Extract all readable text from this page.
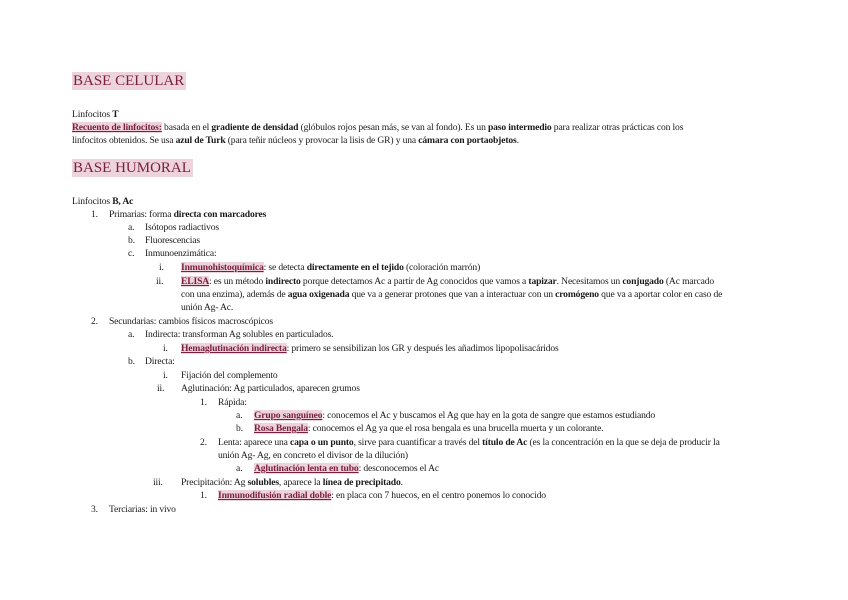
BASE CELULAR
Linfocitos T
Recuento de linfocitos: basada en el gradiente de densidad (glóbulos rojos pesan más, se van al fondo). Es un paso intermedio para realizar otras prácticas con los
linfocitos obtenidos. Se usa azul de Turk (para teñir núcleos y provocar la lisis de GR) y una cámara con portaobjetos.
BASE HUMORAL
Linfocitos B, Ac
1. Primarias: forma directa con marcadores
a. Isótopos radiactivos
b. Fluorescencias
c. Inmunoenzimática:
i. Inmunohistoquímica: se detecta directamente en el tejido (coloración marrón)
ii. ELISA: es un método indirecto porque detectamos Ac a partir de Ag conocidos que vamos a tapizar. Necesitamos un conjugado (Ac marcado
con una enzima), además de agua oxigenada que va a generar protones que van a interactuar con un cromógeno que va a aportar color en caso de
unión Ag- Ac.
2. Secundarias: cambios físicos macroscópicos
a. Indirecta: transforman Ag solubles en particulados.
i. Hemaglutinación indirecta: primero se sensibilizan los GR y después les añadimos lipopolisacáridos
b. Directa:
i. Fijación del complemento
ii. Aglutinación: Ag particulados, aparecen grumos
1. Rápida:
a. Grupo sanguíneo: conocemos el Ac y buscamos el Ag que hay en la gota de sangre que estamos estudiando
b. Rosa Bengala: conocemos el Ag ya que el rosa bengala es una brucella muerta y un colorante.
2. Lenta: aparece una capa o un punto, sirve para cuantificar a través del título de Ac (es la concentración en la que se deja de producir la
unión Ag- Ag, en concreto el divisor de la dilución)
a. Aglutinación lenta en tubo: desconocemos el Ac
iii. Precipitación: Ag solubles, aparece la línea de precipitado.
1. Inmunodifusión radial doble: en placa con 7 huecos, en el centro ponemos lo conocido
3. Terciarias: in vivo
